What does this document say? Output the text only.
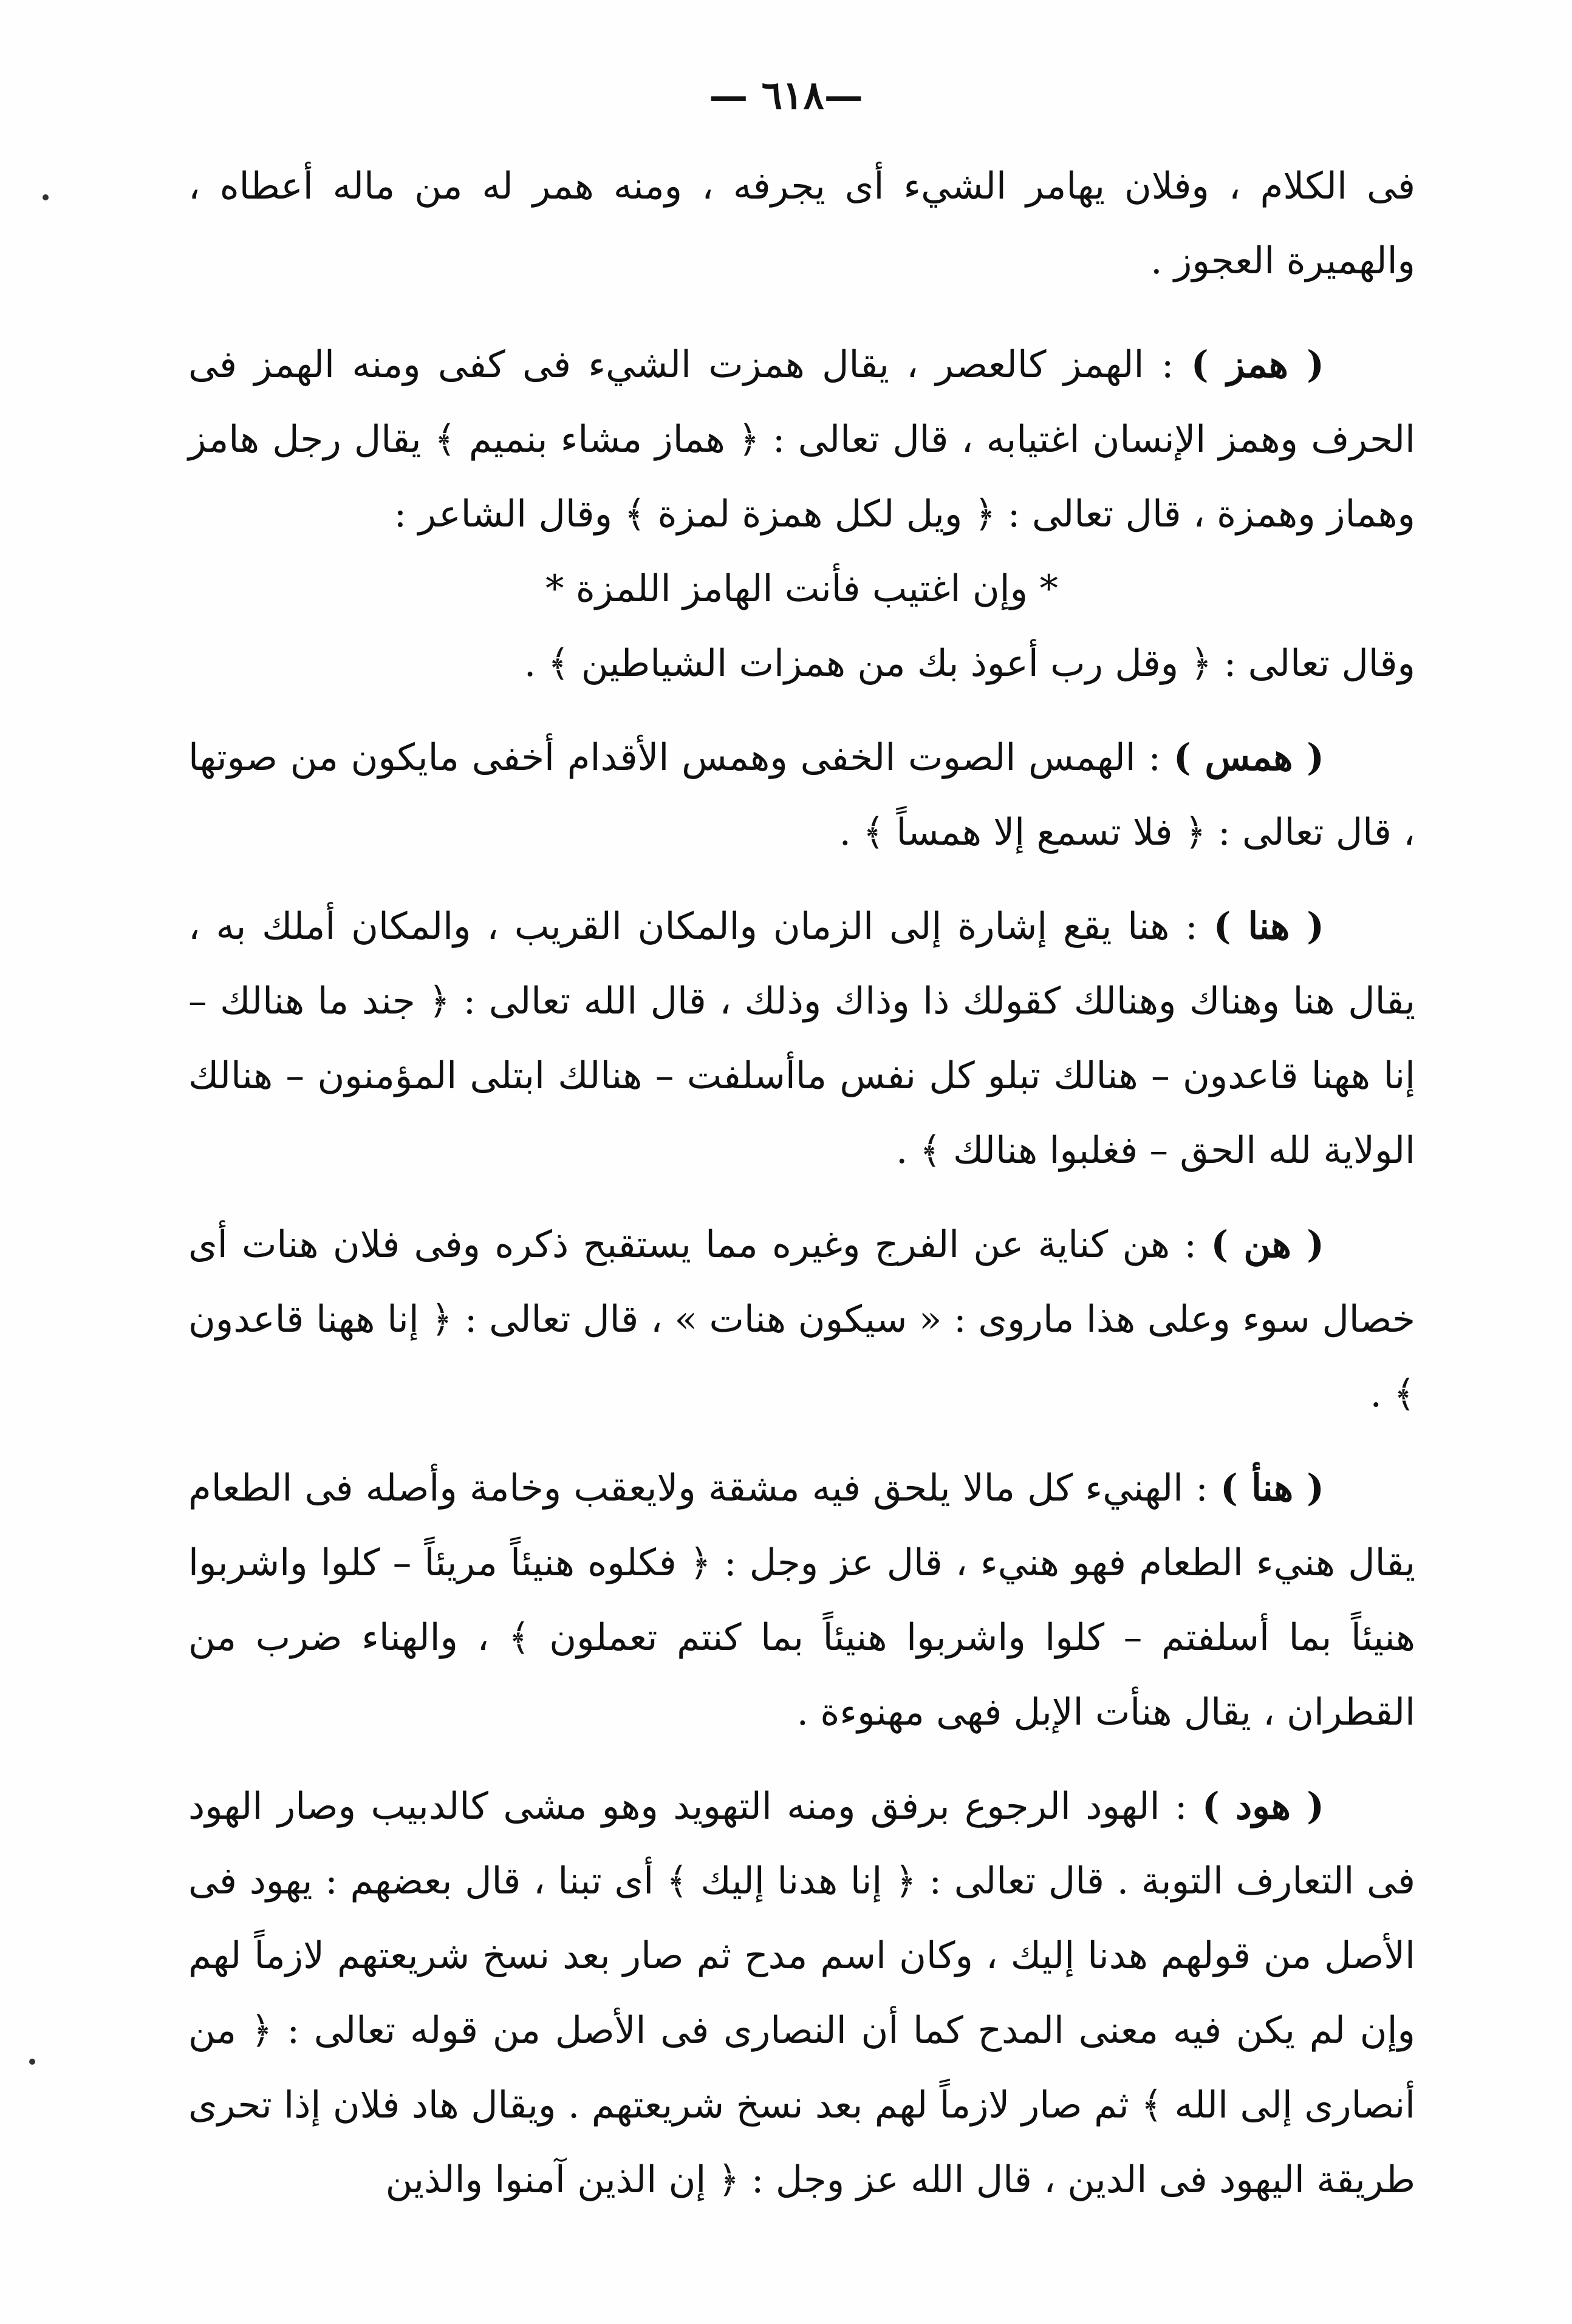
—٦١٨ —

فى الكلام ، وفلان يهامر الشيء أى يجرفه ، ومنه همر له من ماله أعطاه ، والهميرة العجوز .

( همز ) : الهمز كالعصر ، يقال همزت الشيء فى كفى ومنه الهمز فى الحرف وهمز الإنسان اغتيابه ، قال تعالى : ﴿ هماز مشاء بنميم ﴾ يقال رجل هامز وهماز وهمزة ، قال تعالى : ﴿ ويل لكل همزة لمزة ﴾ وقال الشاعر :

* وإن اغتيب فأنت الهامز اللمزة *

وقال تعالى : ﴿ وقل رب أعوذ بك من همزات الشياطين ﴾ .

( همس ) : الهمس الصوت الخفى وهمس الأقدام أخفى مايكون من صوتها ، قال تعالى : ﴿ فلا تسمع إلا همساً ﴾ .

( هنا ) : هنا يقع إشارة إلى الزمان والمكان القريب ، والمكان أملك به ، يقال هنا وهناك وهنالك كقولك ذا وذاك وذلك ، قال الله تعالى : ﴿ جند ما هنالك – إنا ههنا قاعدون – هنالك تبلو كل نفس ماأسلفت – هنالك ابتلى المؤمنون – هنالك الولاية لله الحق – فغلبوا هنالك ﴾ .

( هن ) : هن كناية عن الفرج وغيره مما يستقبح ذكره وفى فلان هنات أى خصال سوء وعلى هذا ماروى : « سيكون هنات » ، قال تعالى : ﴿ إنا ههنا قاعدون ﴾ .

( هنأ ) : الهنيء كل مالا يلحق فيه مشقة ولايعقب وخامة وأصله فى الطعام يقال هنيء الطعام فهو هنيء ، قال عز وجل : ﴿ فكلوه هنيئاً مريئاً – كلوا واشربوا هنيئاً بما أسلفتم – كلوا واشربوا هنيئاً بما كنتم تعملون ﴾ ، والهناء ضرب من القطران ، يقال هنأت الإبل فهى مهنوءة .

( هود ) : الهود الرجوع برفق ومنه التهويد وهو مشى كالدبيب وصار الهود فى التعارف التوبة . قال تعالى : ﴿ إنا هدنا إليك ﴾ أى تبنا ، قال بعضهم : يهود فى الأصل من قولهم هدنا إليك ، وكان اسم مدح ثم صار بعد نسخ شريعتهم لازماً لهم وإن لم يكن فيه معنى المدح كما أن النصارى فى الأصل من قوله تعالى : ﴿ من أنصارى إلى الله ﴾ ثم صار لازماً لهم بعد نسخ شريعتهم . ويقال هاد فلان إذا تحرى طريقة اليهود فى الدين ، قال الله عز وجل : ﴿ إن الذين آمنوا والذين
